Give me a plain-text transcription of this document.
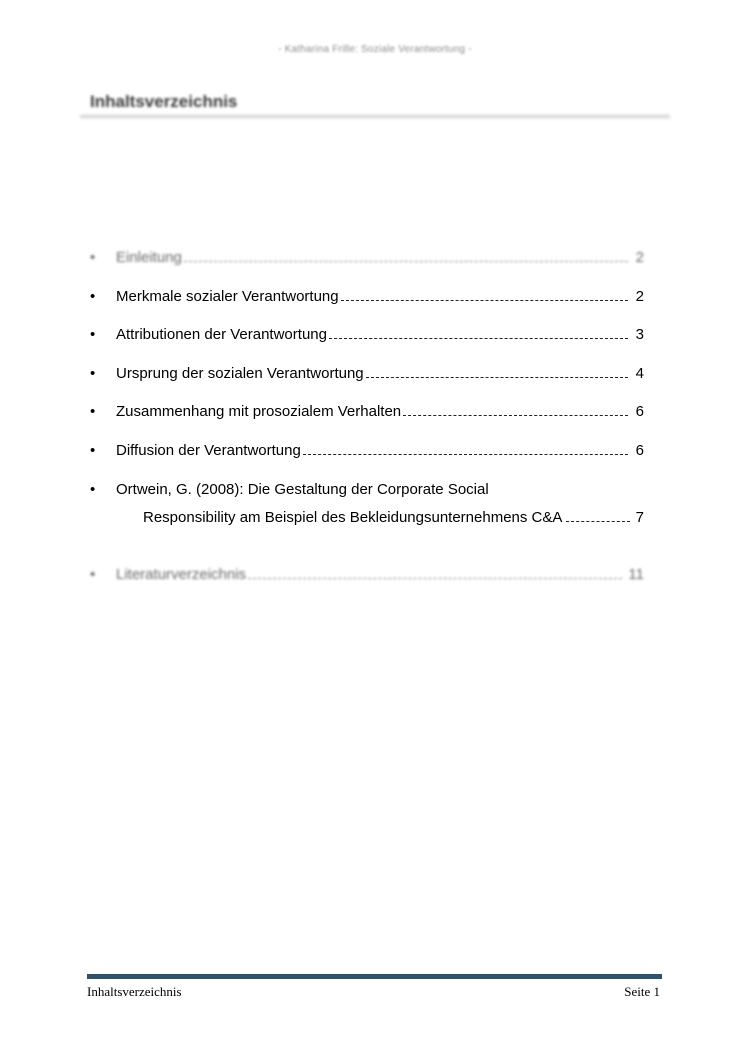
- Katharina Frille: Soziale Verantwortung -
Inhaltsverzeichnis
•	Einleitung	2
•	Merkmale sozialer Verantwortung	2
•	Attributionen der Verantwortung	3
•	Ursprung der sozialen Verantwortung	4
•	Zusammenhang mit prosozialem Verhalten	6
•	Diffusion der Verantwortung	6
•	Ortwein, G. (2008): Die Gestaltung der Corporate Social
Responsibility am Beispiel des Bekleidungsunternehmens C&A	7
•	Literaturverzeichnis	11
Inhaltsverzeichnis	Seite 1
